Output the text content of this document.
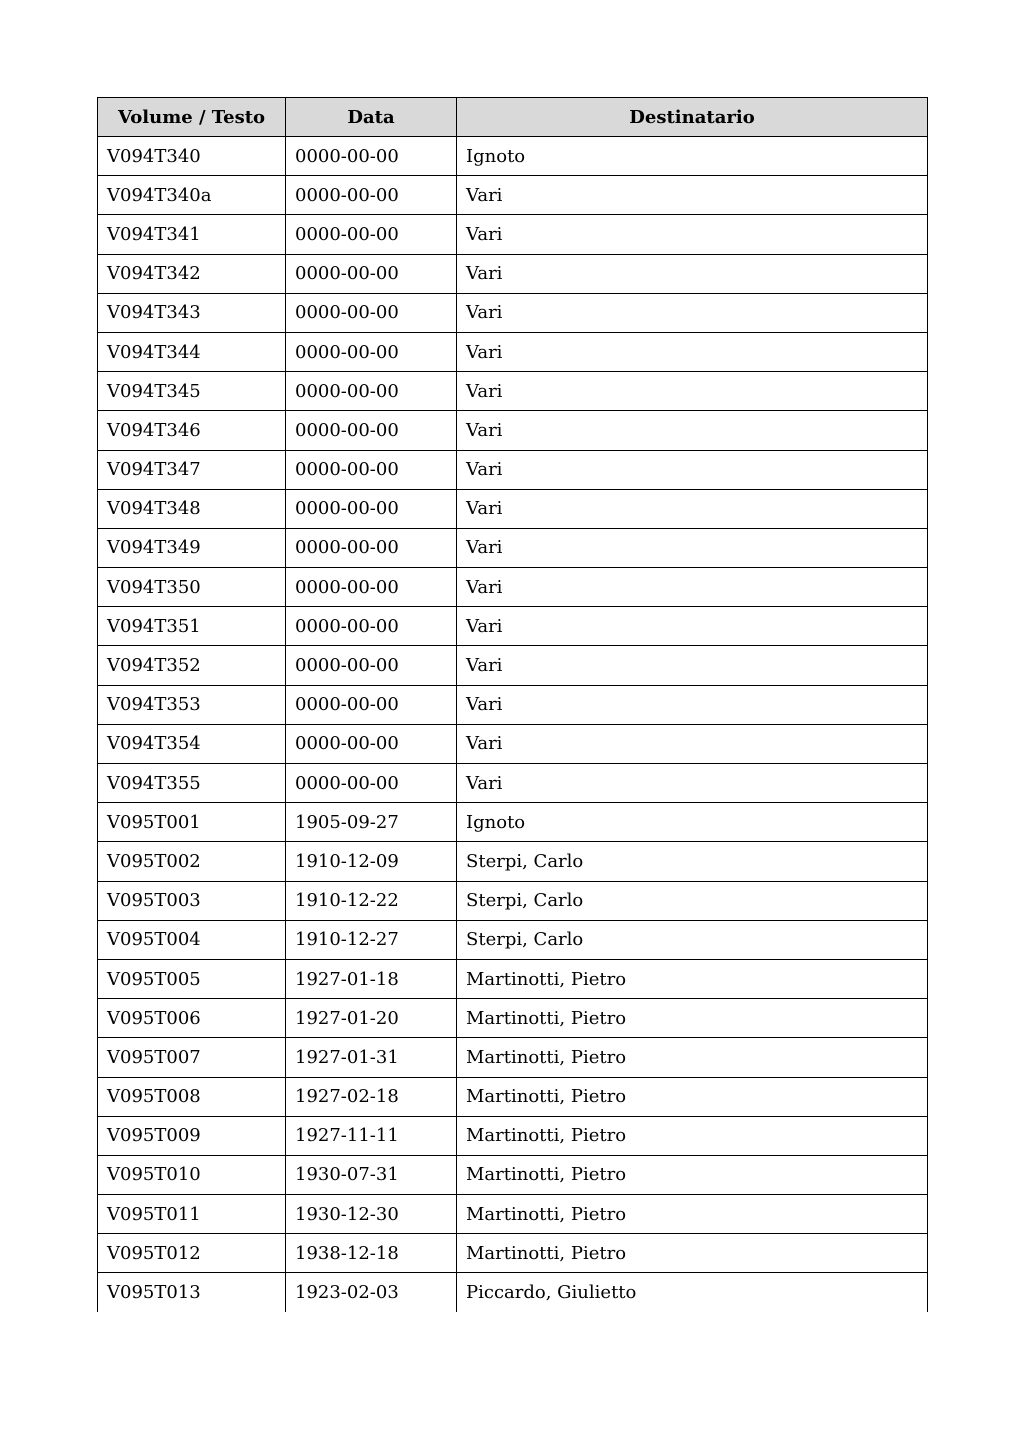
Volume / Testo	Data	Destinatario
V094T340	0000-00-00	Ignoto
V094T340a	0000-00-00	Vari
V094T341	0000-00-00	Vari
V094T342	0000-00-00	Vari
V094T343	0000-00-00	Vari
V094T344	0000-00-00	Vari
V094T345	0000-00-00	Vari
V094T346	0000-00-00	Vari
V094T347	0000-00-00	Vari
V094T348	0000-00-00	Vari
V094T349	0000-00-00	Vari
V094T350	0000-00-00	Vari
V094T351	0000-00-00	Vari
V094T352	0000-00-00	Vari
V094T353	0000-00-00	Vari
V094T354	0000-00-00	Vari
V094T355	0000-00-00	Vari
V095T001	1905-09-27	Ignoto
V095T002	1910-12-09	Sterpi, Carlo
V095T003	1910-12-22	Sterpi, Carlo
V095T004	1910-12-27	Sterpi, Carlo
V095T005	1927-01-18	Martinotti, Pietro
V095T006	1927-01-20	Martinotti, Pietro
V095T007	1927-01-31	Martinotti, Pietro
V095T008	1927-02-18	Martinotti, Pietro
V095T009	1927-11-11	Martinotti, Pietro
V095T010	1930-07-31	Martinotti, Pietro
V095T011	1930-12-30	Martinotti, Pietro
V095T012	1938-12-18	Martinotti, Pietro
V095T013	1923-02-03	Piccardo, Giulietto
